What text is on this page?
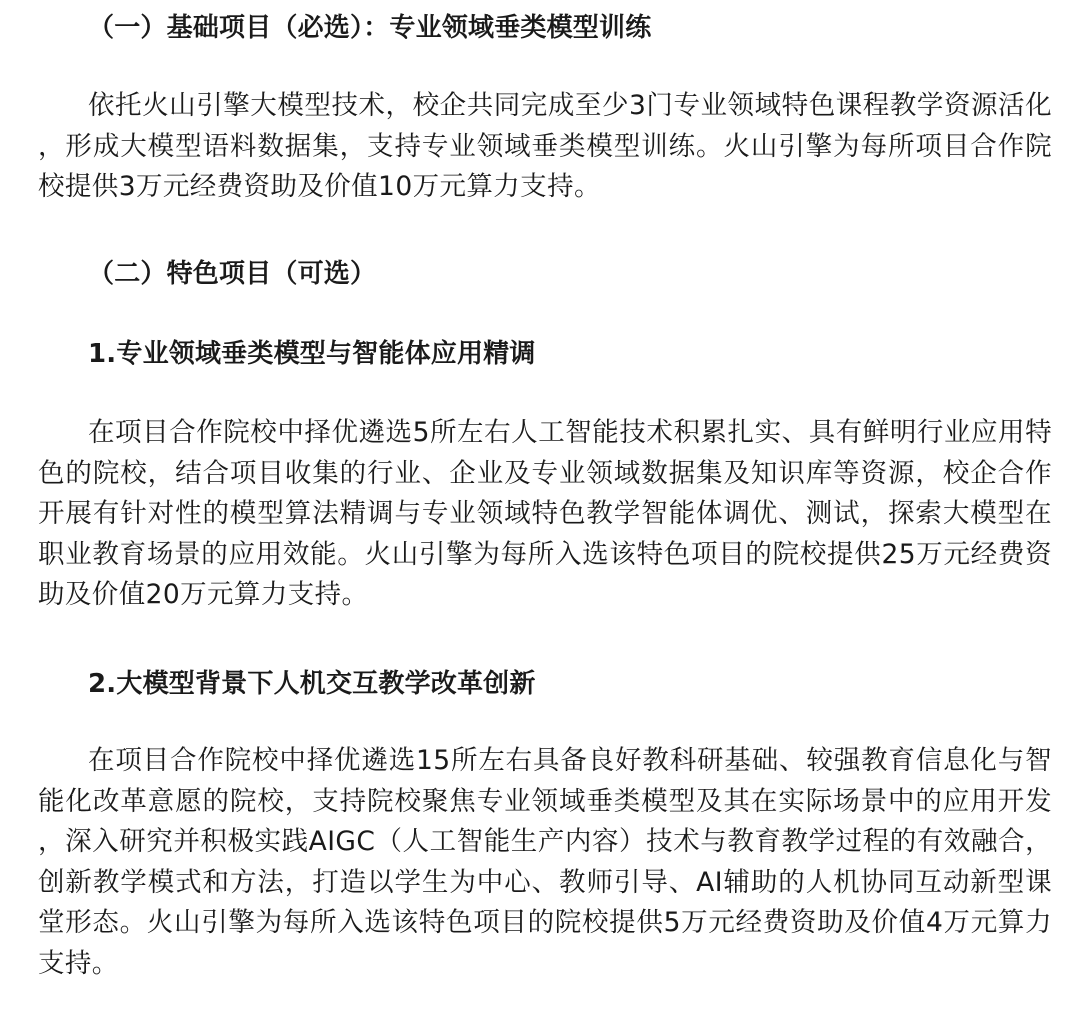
（一）基础项目（必选）：专业领域垂类模型训练

依托火山引擎大模型技术，校企共同完成至少3门专业领域特色课程教学资源活化，形成大模型语料数据集，支持专业领域垂类模型训练。火山引擎为每所项目合作院校提供3万元经费资助及价值10万元算力支持。

（二）特色项目（可选）
1.专业领域垂类模型与智能体应用精调

在项目合作院校中择优遴选5所左右人工智能技术积累扎实、具有鲜明行业应用特色的院校，结合项目收集的行业、企业及专业领域数据集及知识库等资源，校企合作开展有针对性的模型算法精调与专业领域特色教学智能体调优、测试，探索大模型在职业教育场景的应用效能。火山引擎为每所入选该特色项目的院校提供25万元经费资助及价值20万元算力支持。

2.大模型背景下人机交互教学改革创新

在项目合作院校中择优遴选15所左右具备良好教科研基础、较强教育信息化与智能化改革意愿的院校，支持院校聚焦专业领域垂类模型及其在实际场景中的应用开发，深入研究并积极实践AIGC（人工智能生产内容）技术与教育教学过程的有效融合，创新教学模式和方法，打造以学生为中心、教师引导、AI辅助的人机协同互动新型课堂形态。火山引擎为每所入选该特色项目的院校提供5万元经费资助及价值4万元算力支持。
